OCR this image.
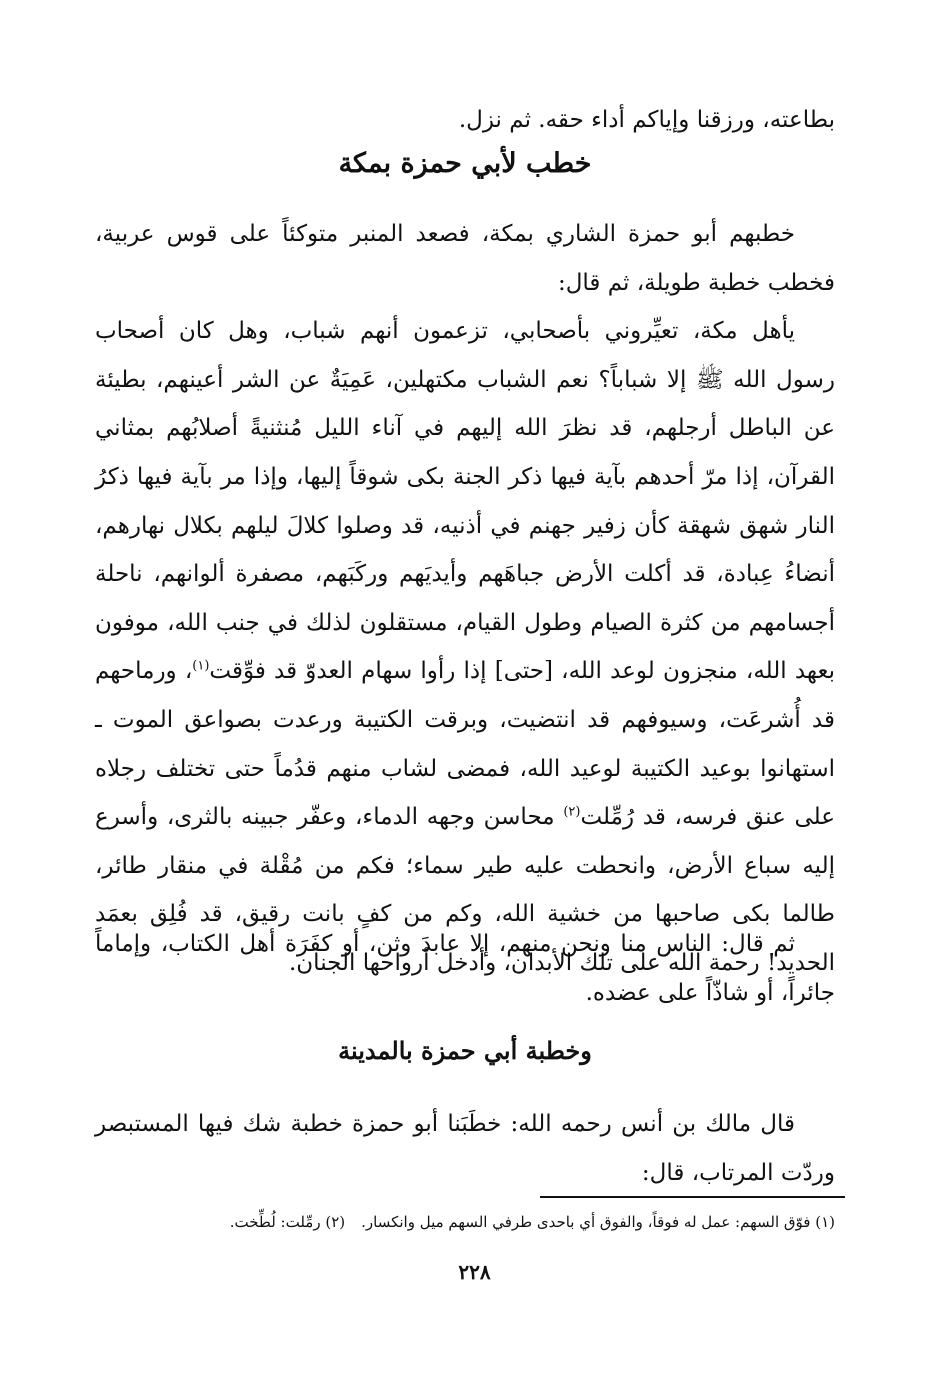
بطاعته، ورزقنا وإياكم أداء حقه. ثم نزل.

خطب لأبي حمزة بمكة

خطبهم أبو حمزة الشاري بمكة، فصعد المنبر متوكئاً على قوس عربية، فخطب خطبة طويلة، ثم قال:

يأهل مكة، تعيِّروني بأصحابي، تزعمون أنهم شباب، وهل كان أصحاب رسول الله ﷺ إلا شباباً؟ نعم الشباب مكتهلين، عَمِيَةٌ عن الشر أعينهم، بطيئة عن الباطل أرجلهم، قد نظرَ الله إليهم في آناء الليل مُنثنيةً أصلابُهم بمثاني القرآن، إذا مرّ أحدهم بآية فيها ذكر الجنة بكى شوقاً إليها، وإذا مر بآية فيها ذكرُ النار شهق شهقة كأن زفير جهنم في أذنيه، قد وصلوا كلالَ ليلهم بكلال نهارهم، أنضاءُ عِبادة، قد أكلت الأرض جباهَهم وأيديَهم وركَبَهم، مصفرة ألوانهم، ناحلة أجسامهم من كثرة الصيام وطول القيام، مستقلون لذلك في جنب الله، موفون بعهد الله، منجزون لوعد الله، [حتى] إذا رأوا سهام العدوّ قد فوِّقت$^{(١)}$، ورماحهم قد أُشرعَت، وسيوفهم قد انتضيت، وبرقت الكتيبة ورعدت بصواعق الموت ـ استهانوا بوعيد الكتيبة لوعيد الله، فمضى لشاب منهم قدُماً حتى تختلف رجلاه على عنق فرسه، قد رُمِّلت$^{(٢)}$ محاسن وجهه الدماء، وعفّر جبينه بالثرى، وأسرع إليه سباع الأرض، وانحطت عليه طير سماء؛ فكم من مُقْلة في منقار طائر، طالما بكى صاحبها من خشية الله، وكم من كفٍ بانت رقيق، قد فُلِق بعمَد الحديد! رحمة الله على تلك الأبدان، وأدخل أرواحها الجنان.

ثم قال: الناس منا ونحن منهم، إلا عابدَ وثن، أو كفَرَة أهل الكتاب، وإماماً جائراً، أو شاذّاً على عضده.

وخطبة أبي حمزة بالمدينة

قال مالك بن أنس رحمه الله: خطَبَنا أبو حمزة خطبة شك فيها المستبصر وردّت المرتاب، قال:

(١) فوّق السهم: عمل له فوقاً، والفوق أي باحدى طرفي السهم ميل وانكسار.(٢) رمِّلت: لُطِّخت.
٢٢٨
